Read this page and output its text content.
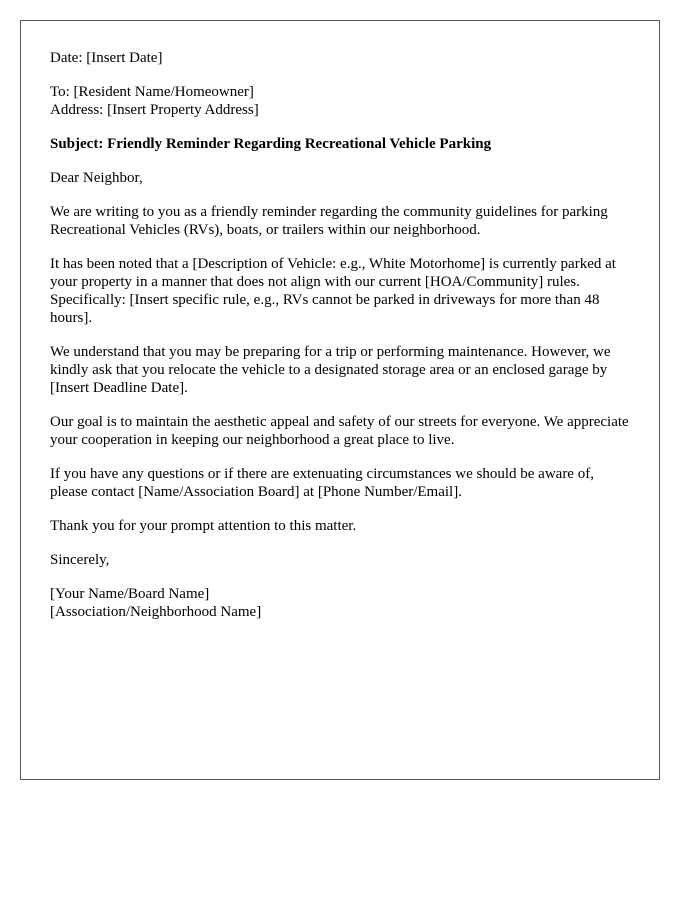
Date: [Insert Date]
To: [Resident Name/Homeowner]
Address: [Insert Property Address]

Subject: Friendly Reminder Regarding Recreational Vehicle Parking

Dear Neighbor,

We are writing to you as a friendly reminder regarding the community guidelines for parking Recreational Vehicles (RVs), boats, or trailers within our neighborhood.

It has been noted that a [Description of Vehicle: e.g., White Motorhome] is currently parked at your property in a manner that does not align with our current [HOA/Community] rules. Specifically: [Insert specific rule, e.g., RVs cannot be parked in driveways for more than 48 hours].

We understand that you may be preparing for a trip or performing maintenance. However, we kindly ask that you relocate the vehicle to a designated storage area or an enclosed garage by [Insert Deadline Date].

Our goal is to maintain the aesthetic appeal and safety of our streets for everyone. We appreciate your cooperation in keeping our neighborhood a great place to live.

If you have any questions or if there are extenuating circumstances we should be aware of, please contact [Name/Association Board] at [Phone Number/Email].

Thank you for your prompt attention to this matter.

Sincerely,

[Your Name/Board Name]
[Association/Neighborhood Name]
